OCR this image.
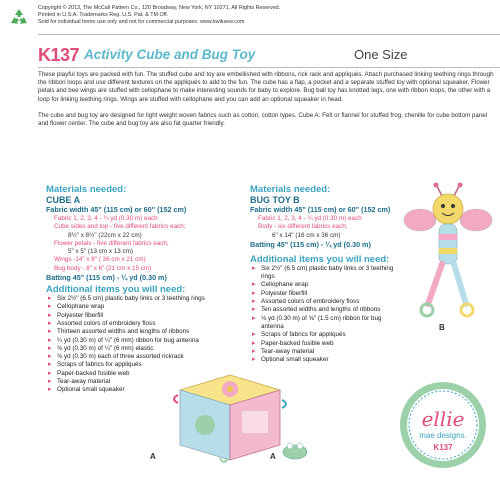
Copyright © 2013, The McCall Pattern Co., 120 Broadway, New York, NY 10271, All Rights Reserved.
Printed in U.S.A. Trademarks Reg. U.S. Pat. & TM Off.
Sold for individual home use only and not for commercial purposes. www.kwiksew.com
K137 Activity Cube and Bug Toy	One Size

These playful toys are packed with fun. The stuffed cube and toy are embellished with ribbons, rick rack and appliqués. Attach purchased linking teething rings through the ribbon loops and use different textures on the appliqués to add to the fun. The cube has a flap, a pocket and a separate stuffed toy with optional squeaker. Flower petals and bee wings are stuffed with cellophane to make interesting sounds for baby to explore. Bug ball toy has knotted legs, one with ribbon loops, the other with a loop for linking teething rings. Wings are stuffed with cellophane and you can add an optional squeaker in head.

The cube and bug toy are designed for light weight woven fabrics such as cotton, cotton types. Cube A: Felt or flannel for stuffed frog, chenille for cube bottom panel and flower center. The cube and bug toy are also fat quarter friendly.

Materials needed:
CUBE A
Fabric width 45" (115 cm) or 60" (152 cm)
Fabric 1, 2, 3, 4 - ¼ yd (0.30 m) each
Cube sides and top - five different fabrics each;
8½" x 8½" (22cm x 22 cm)
Flower petals - five different fabrics each;
5" x 5" (13 cm x 13 cm)
Wings -14" x 8" ( 36 cm x 21 cm)
Bug body - 8" x 6" (21 cm x 15 cm)
Batting 45" (115 cm) - ¼ yd (0.30 m)
Additional items you will need:
▸ Six 2½" (6.5 cm) plastic baby links or 3 teething rings
▸ Cellophane wrap
▸ Polyester fiberfill
▸ Assorted colors of embroidery floss
▸ Thirteen assorted widths and lengths of ribbons
▸ ¼ yd (0.30 m) of ¼" (6 mm) ribbon for bug antenna
▸ ⅛ yd (0.30 m) of ¼" (6 mm) elastic
▸ ⅛ yd (0.30 m) each of three assorted rickrack
▸ Scraps of fabrics for appliqués
▸ Paper-backed fusible web
▸ Tear-away material
▸ Optional small squeaker
Materials needed:
BUG TOY B
Fabric width 45" (115 cm) or 60" (152 cm)
Fabric 1, 2, 3, 4 - ¼ yd (0.30 m) each
Body - six different fabrics each;
6" x 14" (16 cm x 36 cm)
Batting 45" (115 cm) - ¼ yd (0.30 m)
Additional items you will need:
▸ Six 2½" (6.5 cm) plastic baby links or 3 teething rings
▸ Cellophane wrap
▸ Polyester fiberfill
▸ Assorted colors of embroidery floss
▸ Ten assorted widths and lengths of ribbons
▸ ⅛ yd (0.30 m) of ⅝" (1.5 cm) ribbon for bug antenna
▸ Scraps of fabrics for appliqués
▸ Paper-backed fusible web
▸ Tear-away material
▸ Optional small squeaker
B
A	A
ellie
mae designs.
K137
